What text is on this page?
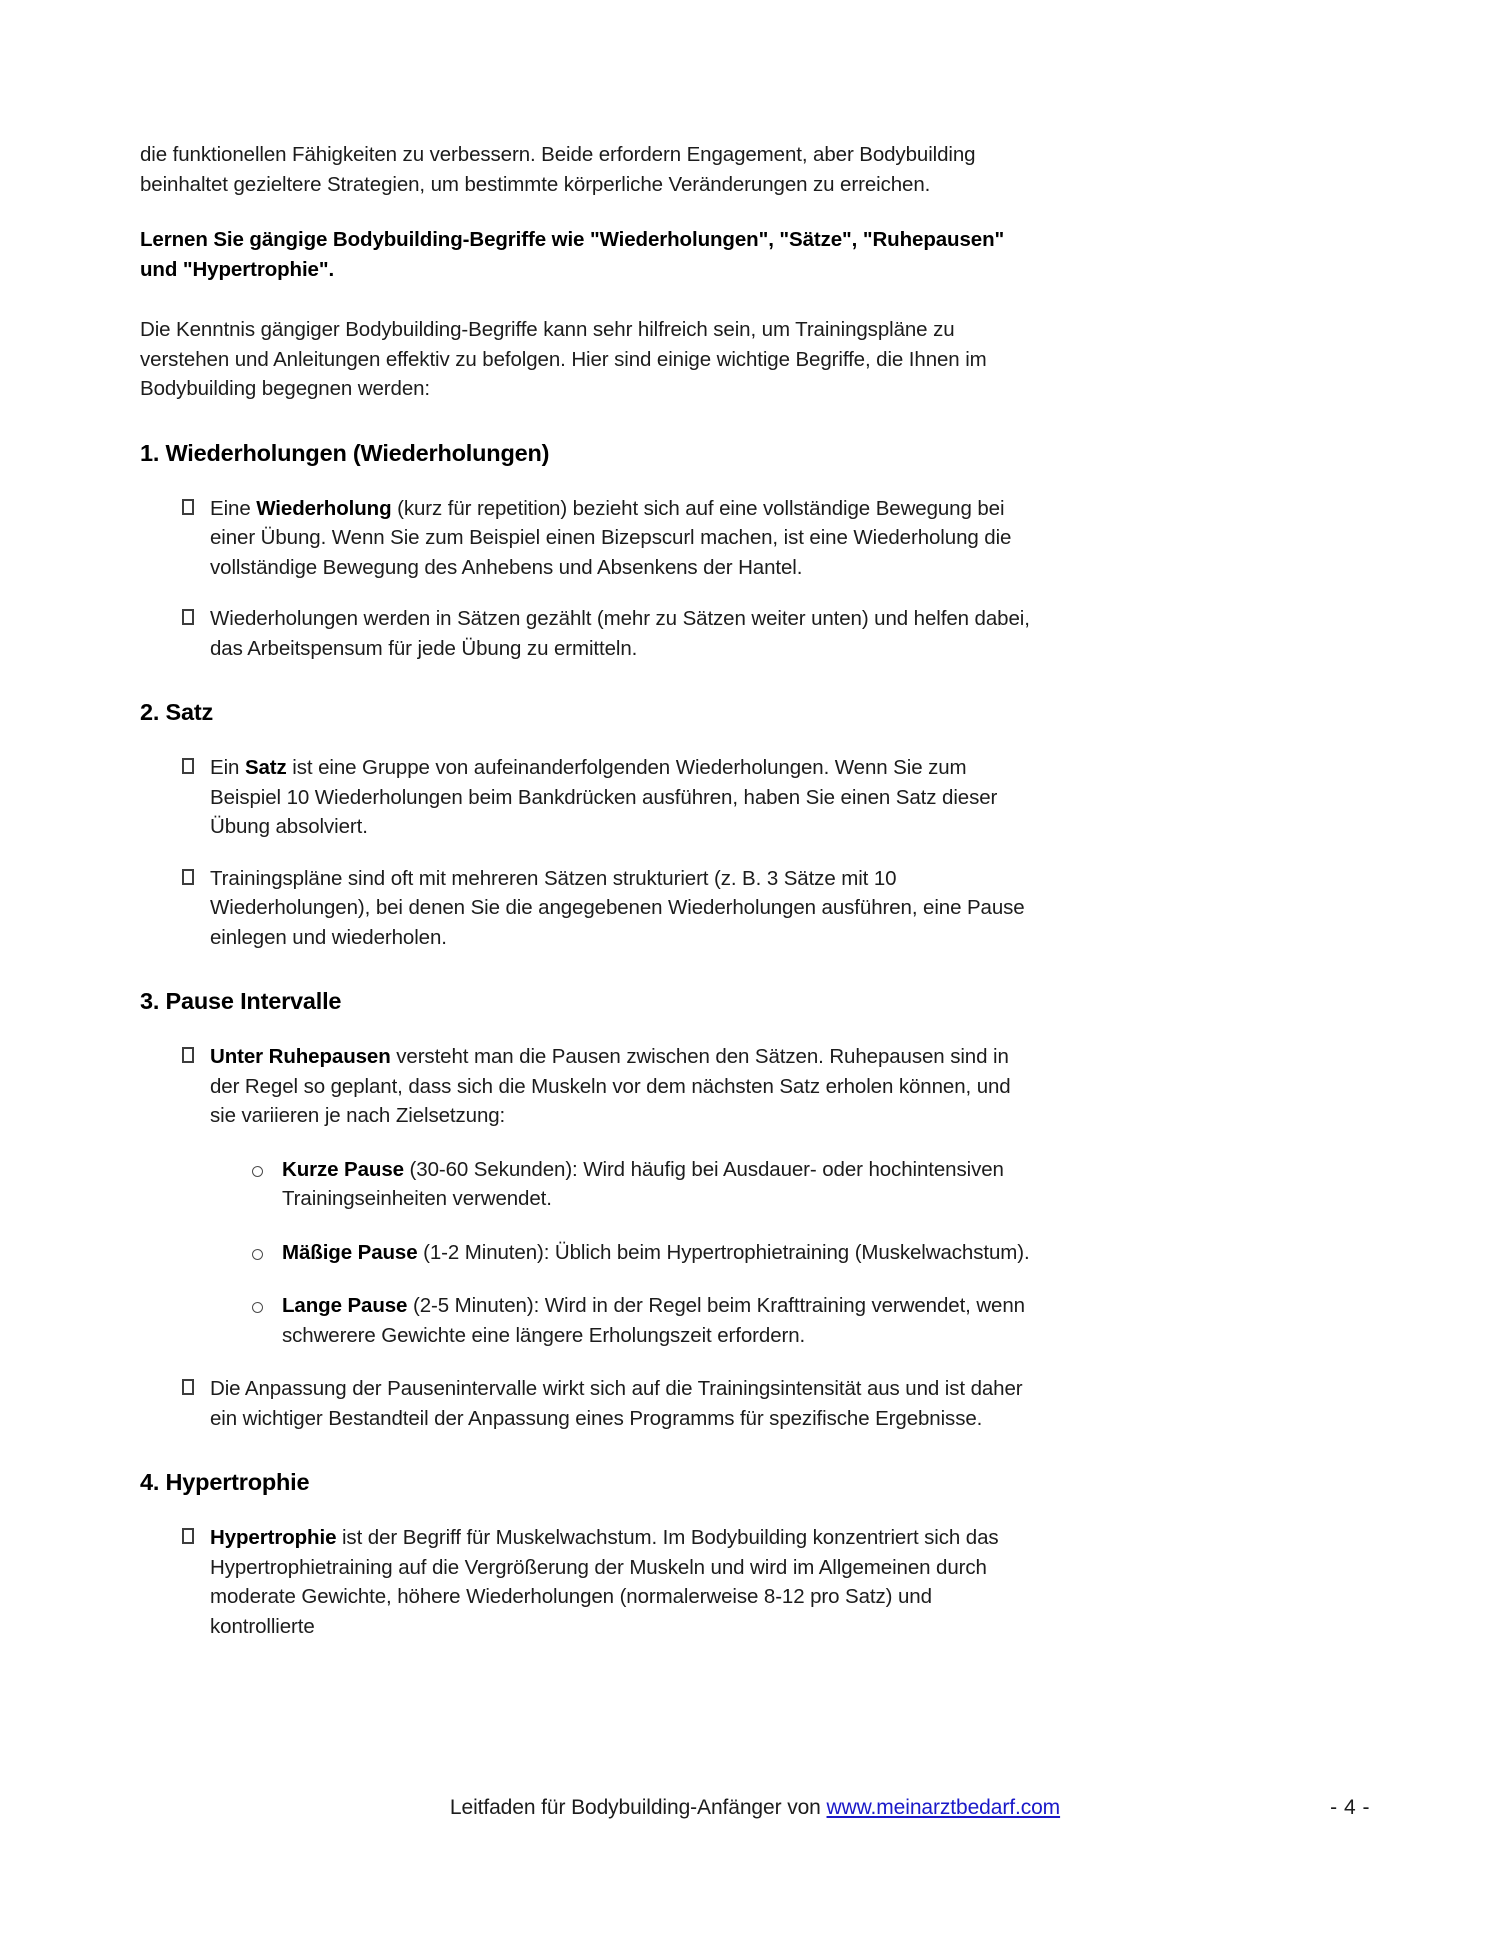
die funktionellen Fähigkeiten zu verbessern. Beide erfordern Engagement, aber Bodybuilding beinhaltet gezieltere Strategien, um bestimmte körperliche Veränderungen zu erreichen.

Lernen Sie gängige Bodybuilding-Begriffe wie "Wiederholungen", "Sätze", "Ruhepausen" und "Hypertrophie".

Die Kenntnis gängiger Bodybuilding-Begriffe kann sehr hilfreich sein, um Trainingspläne zu verstehen und Anleitungen effektiv zu befolgen. Hier sind einige wichtige Begriffe, die Ihnen im Bodybuilding begegnen werden:

1. Wiederholungen (Wiederholungen)
Eine Wiederholung (kurz für repetition) bezieht sich auf eine vollständige Bewegung bei einer Übung. Wenn Sie zum Beispiel einen Bizepscurl machen, ist eine Wiederholung die vollständige Bewegung des Anhebens und Absenkens der Hantel.
Wiederholungen werden in Sätzen gezählt (mehr zu Sätzen weiter unten) und helfen dabei, das Arbeitspensum für jede Übung zu ermitteln.
2. Satz
Ein Satz ist eine Gruppe von aufeinanderfolgenden Wiederholungen. Wenn Sie zum Beispiel 10 Wiederholungen beim Bankdrücken ausführen, haben Sie einen Satz dieser Übung absolviert.
Trainingspläne sind oft mit mehreren Sätzen strukturiert (z. B. 3 Sätze mit 10 Wiederholungen), bei denen Sie die angegebenen Wiederholungen ausführen, eine Pause einlegen und wiederholen.
3. Pause Intervalle
Unter Ruhepausen versteht man die Pausen zwischen den Sätzen. Ruhepausen sind in der Regel so geplant, dass sich die Muskeln vor dem nächsten Satz erholen können, und sie variieren je nach Zielsetzung:
Kurze Pause (30-60 Sekunden): Wird häufig bei Ausdauer- oder hochintensiven Trainingseinheiten verwendet.
Mäßige Pause (1-2 Minuten): Üblich beim Hypertrophietraining (Muskelwachstum).
Lange Pause (2-5 Minuten): Wird in der Regel beim Krafttraining verwendet, wenn schwerere Gewichte eine längere Erholungszeit erfordern.
Die Anpassung der Pausenintervalle wirkt sich auf die Trainingsintensität aus und ist daher ein wichtiger Bestandteil der Anpassung eines Programms für spezifische Ergebnisse.
4. Hypertrophie
Hypertrophie ist der Begriff für Muskelwachstum. Im Bodybuilding konzentriert sich das Hypertrophietraining auf die Vergrößerung der Muskeln und wird im Allgemeinen durch moderate Gewichte, höhere Wiederholungen (normalerweise 8-12 pro Satz) und kontrollierte
Leitfaden für Bodybuilding-Anfänger von www.meinarztbedarf.com	- 4 -
